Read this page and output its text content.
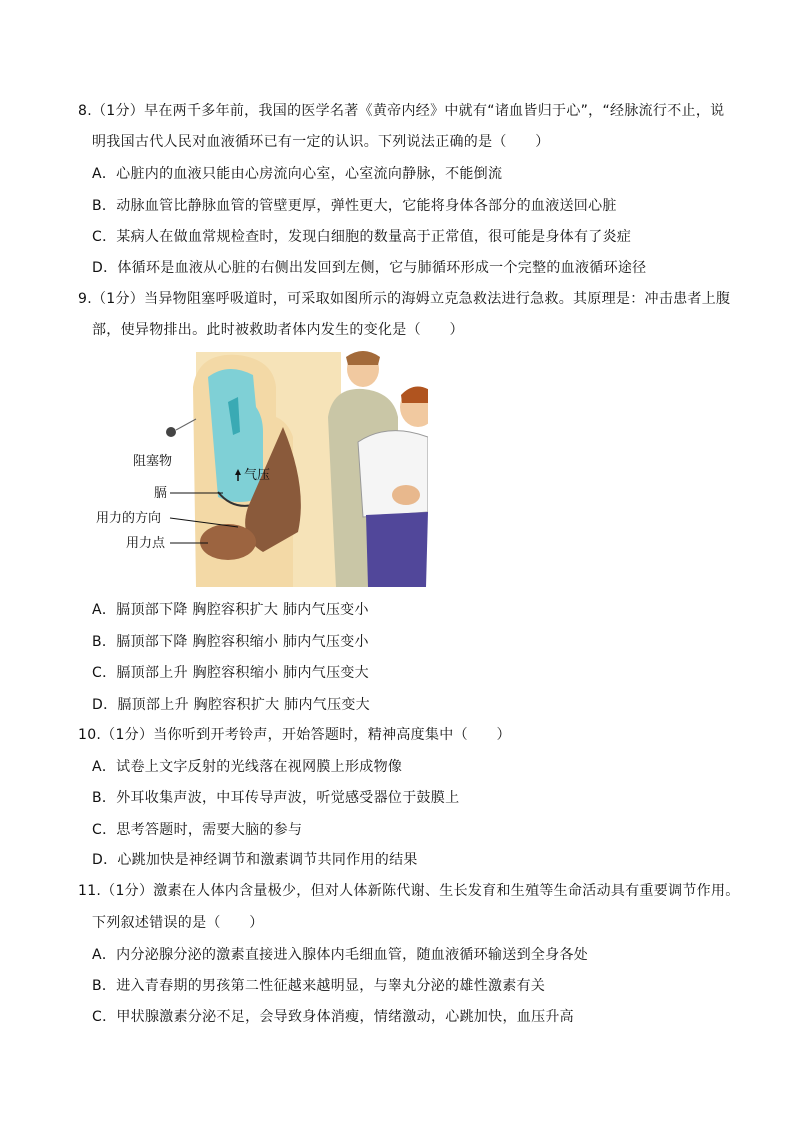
8.（1分）早在两千多年前，我国的医学名著《黄帝内经》中就有“诸血皆归于心”，“经脉流行不止，说
明我国古代人民对血液循环已有一定的认识。下列说法正确的是（　　）
A．心脏内的血液只能由心房流向心室，心室流向静脉，不能倒流
B．动脉血管比静脉血管的管壁更厚，弹性更大，它能将身体各部分的血液送回心脏
C．某病人在做血常规检查时，发现白细胞的数量高于正常值，很可能是身体有了炎症
D．体循环是血液从心脏的右侧出发回到左侧，它与肺循环形成一个完整的血液循环途径
9.（1分）当异物阻塞呼吸道时，可采取如图所示的海姆立克急救法进行急救。其原理是：冲击患者上腹
部，使异物排出。此时被救助者体内发生的变化是（　　）
气压
阻塞物
膈
用力的方向
用力点
A．膈顶部下降 胸腔容积扩大 肺内气压变小
B．膈顶部下降 胸腔容积缩小 肺内气压变小
C．膈顶部上升 胸腔容积缩小 肺内气压变大
D．膈顶部上升 胸腔容积扩大 肺内气压变大
10.（1分）当你听到开考铃声，开始答题时，精神高度集中（　　）
A．试卷上文字反射的光线落在视网膜上形成物像
B．外耳收集声波，中耳传导声波，听觉感受器位于鼓膜上
C．思考答题时，需要大脑的参与
D．心跳加快是神经调节和激素调节共同作用的结果
11.（1分）激素在人体内含量极少，但对人体新陈代谢、生长发育和生殖等生命活动具有重要调节作用。
下列叙述错误的是（　　）
A．内分泌腺分泌的激素直接进入腺体内毛细血管，随血液循环输送到全身各处
B．进入青春期的男孩第二性征越来越明显，与睾丸分泌的雄性激素有关
C．甲状腺激素分泌不足，会导致身体消瘦，情绪激动，心跳加快，血压升高
